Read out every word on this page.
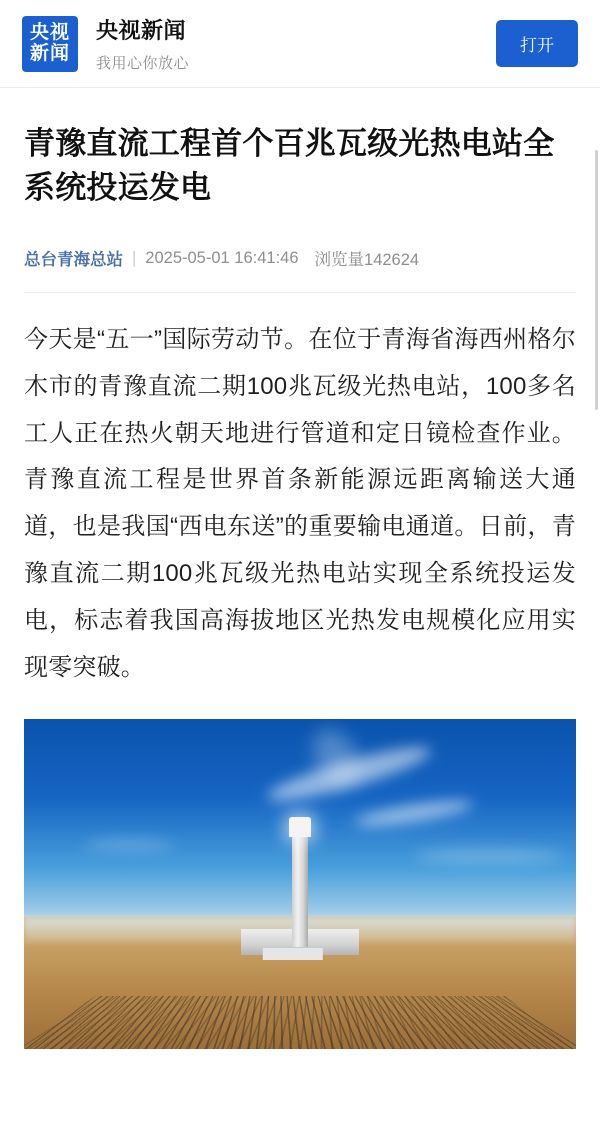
央视
新闻
央视新闻
我用心你放心
打开
青豫直流工程首个百兆瓦级光热电站全系统投运发电
总台青海总站 | 2025-05-01 16:41:46 浏览量142624

今天是“五一”国际劳动节。在位于青海省海西州格尔木市的青豫直流二期100兆瓦级光热电站，100多名工人正在热火朝天地进行管道和定日镜检查作业。青豫直流工程是世界首条新能源远距离输送大通道，也是我国“西电东送”的重要输电通道。日前，青豫直流二期100兆瓦级光热电站实现全系统投运发电，标志着我国高海拔地区光热发电规模化应用实现零突破。
